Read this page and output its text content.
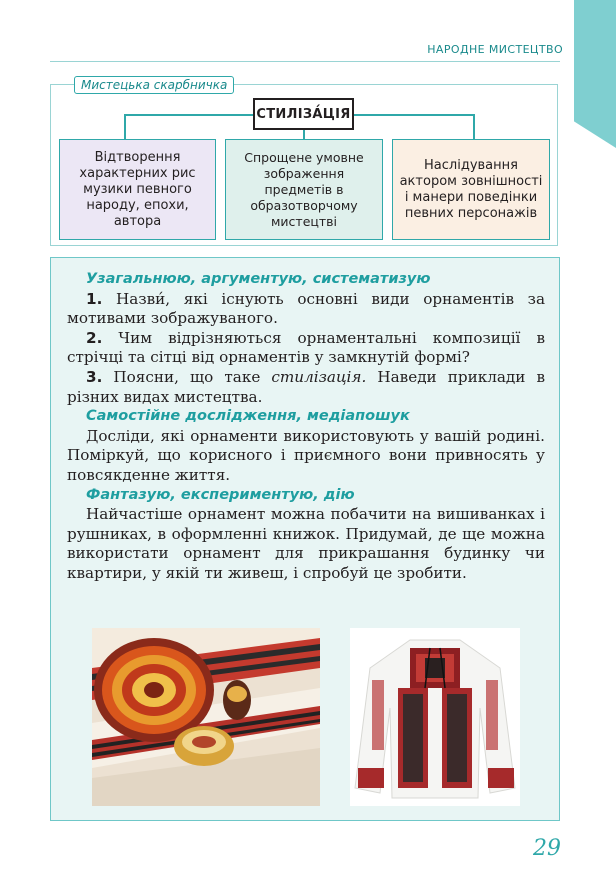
НАРОДНЕ МИСТЕЦТВО
Мистецька скарбничка
СТИЛІЗА́ЦІЯ
Відтворення характерних рис музики певного народу, епохи, автора
Спрощене умовне зображення предметів в образотворчому мистецтві
Наслідування актором зовнішності і манери поведінки певних персонажів

Узагальнюю, аргументую, систематизую

1. Назви́, які існують основні види орнаментів за мотивами зображуваного.

2. Чим відрізняються орнаментальні композиції в стрічці та сітці від орнаментів у замкнутій формі?

3. Поясни, що таке стилізація. Наведи приклади в різних видах мистецтва.

Самостійне дослідження, медіапошук

Досліди, які орнаменти використовують у вашій родині. Поміркуй, що корисного і приємного вони привносять у повсякденне життя.

Фантазую, експериментую, дію

Найчастіше орнамент можна побачити на вишиванках і рушниках, в оформленні книжок. Придумай, де ще можна використати орнамент для прикрашання будинку чи квартири, у якій ти живеш, і спробуй це зробити.

29
